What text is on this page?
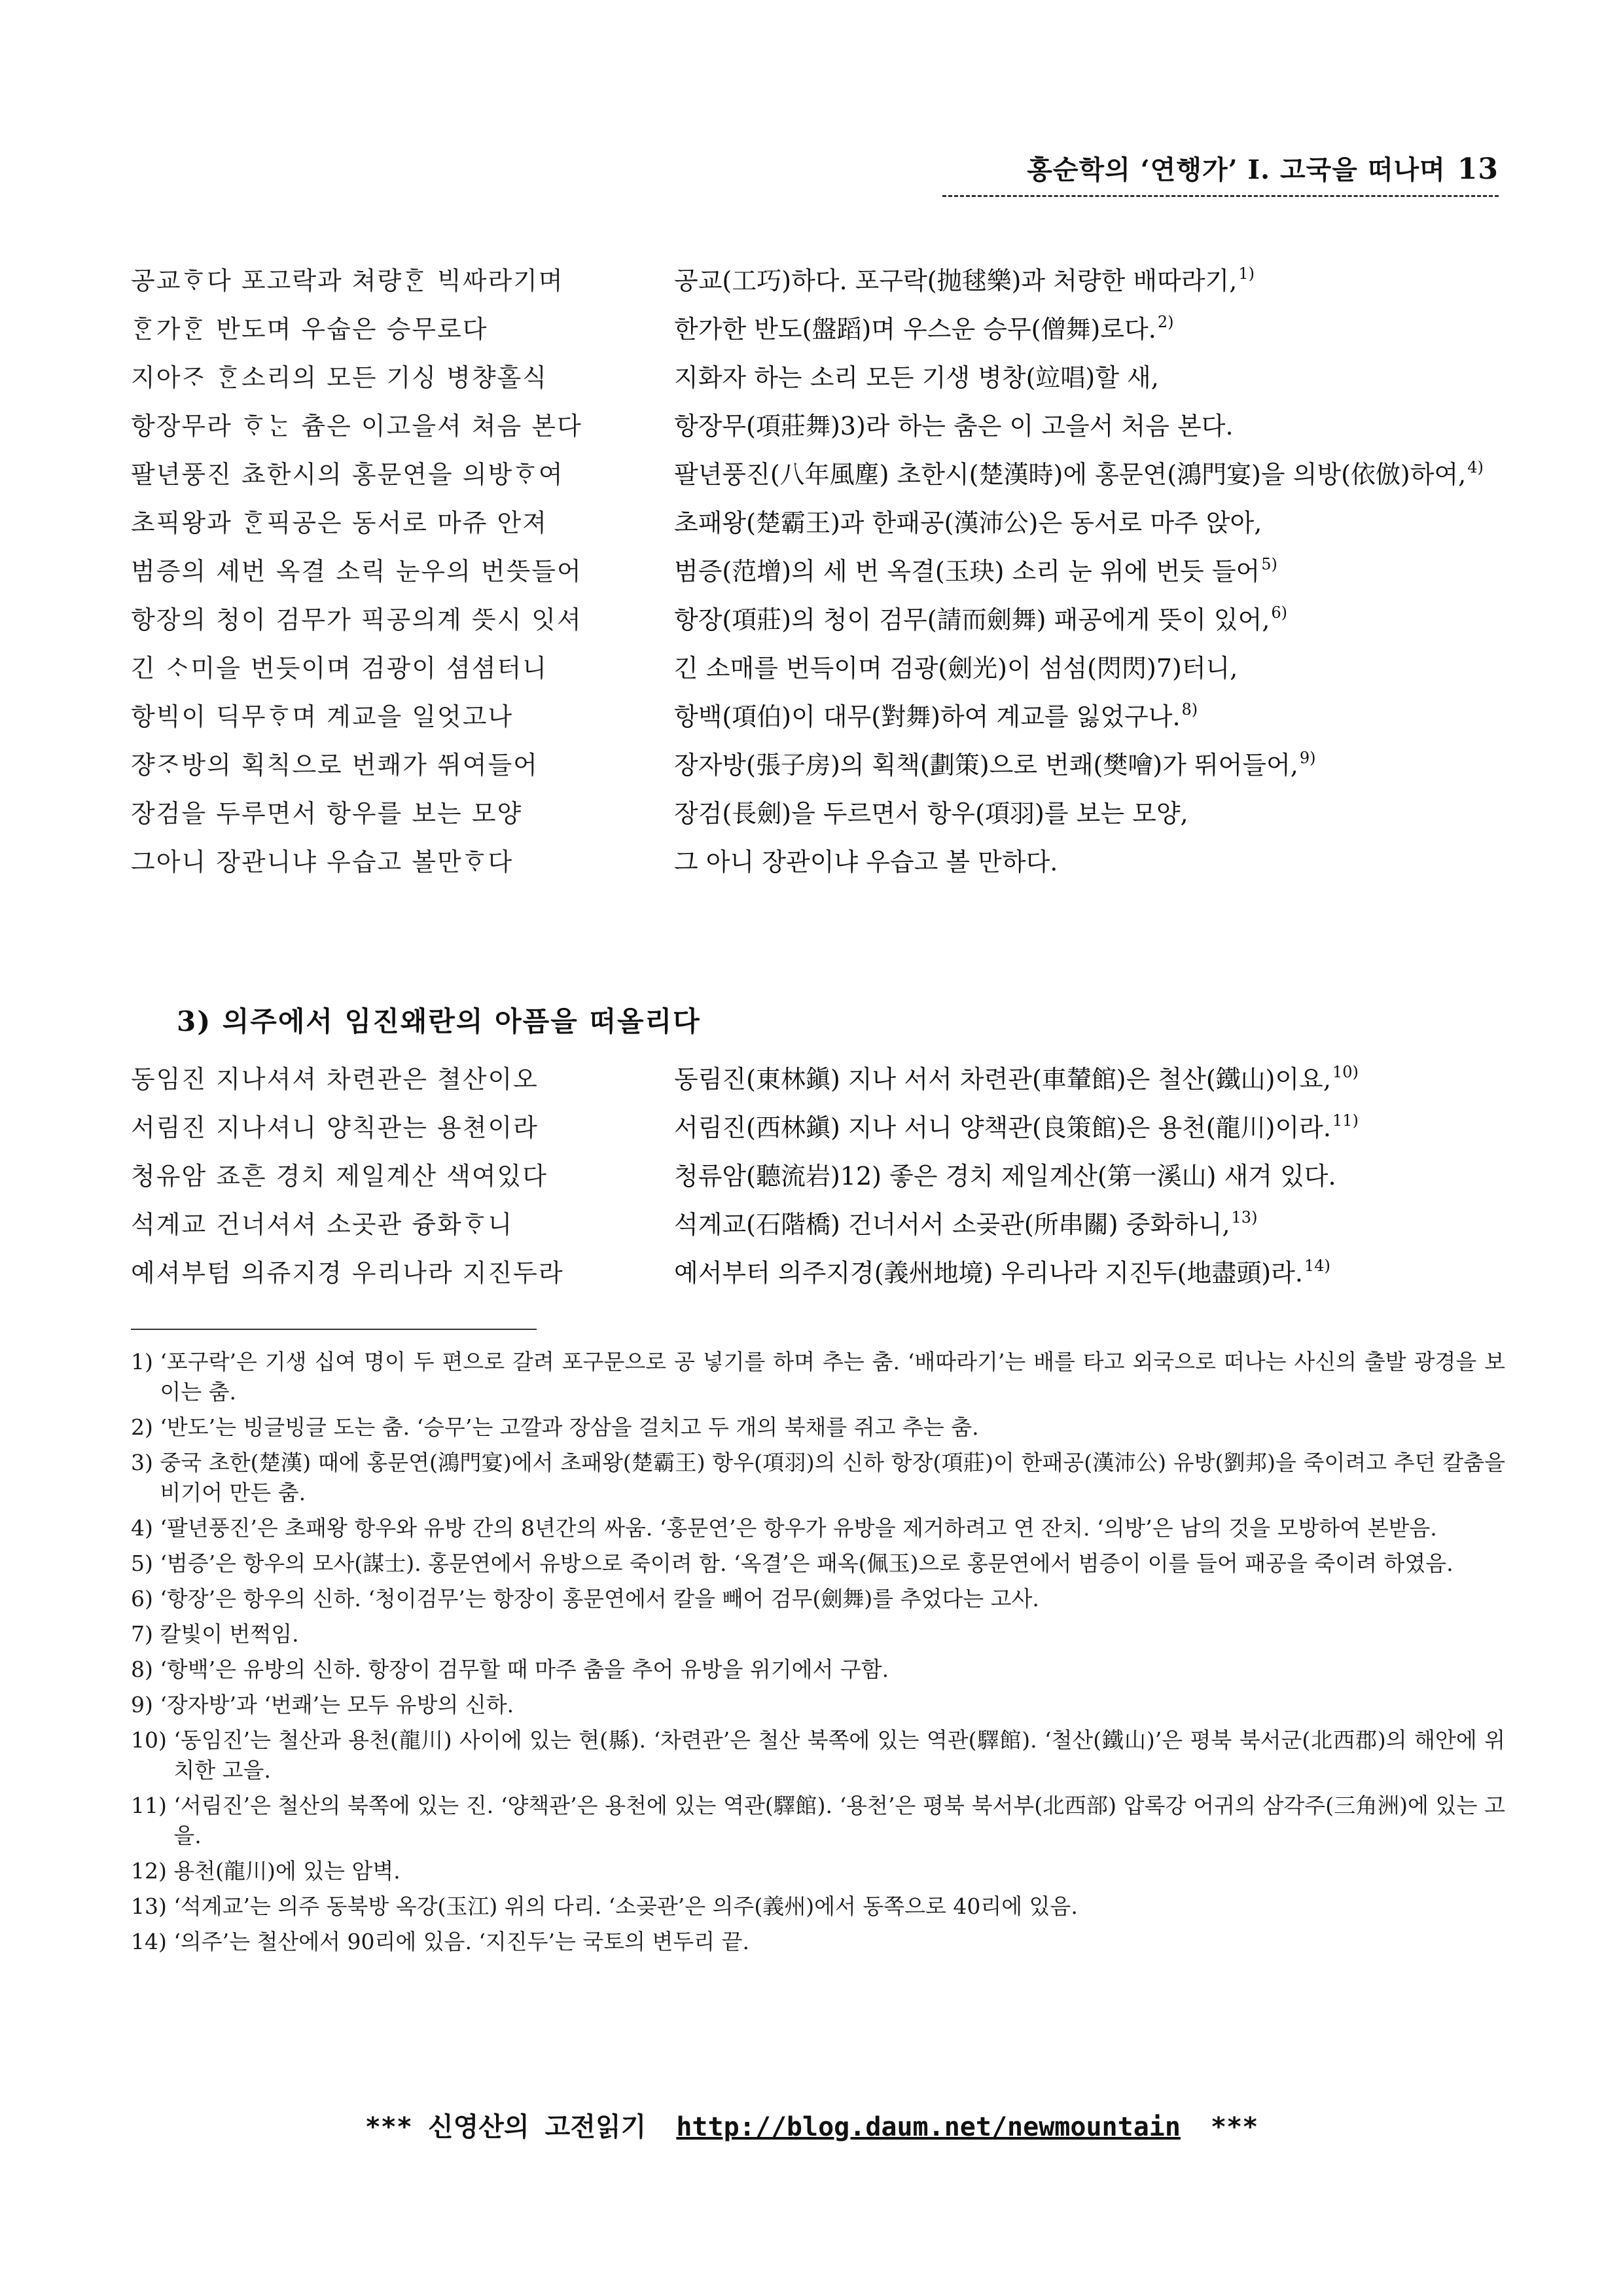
홍순학의 ‘연행가’ Ⅰ. 고국을 떠나며 13
공교ᄒᆞ다 포고락과 쳐량ᄒᆞᆫ 빅ᄯᅡ라기며	공교(工巧)하다. 포구락(抛毬樂)과 처량한 배따라기,$^{1)}$
ᄒᆞᆫ가ᄒᆞᆫ 반도며 우숩은 승무로다	한가한 반도(盤蹈)며 우스운 승무(僧舞)로다.$^{2)}$
지아ᄌᆞ ᄒᆞᆫ소리의 모든 기싱 병챵홀식	지화자 하는 소리 모든 기생 병창(竝唱)할 새,
항장무라 ᄒᆞᄂᆞᆫ 츔은 이고을셔 쳐음 본다	항장무(項莊舞)3)라 하는 춤은 이 고을서 처음 본다.
팔년풍진 쵸한시의 홍문연을 의방ᄒᆞ여	팔년풍진(八年風塵) 초한시(楚漢時)에 홍문연(鴻門宴)을 의방(依倣)하여,$^{4)}$
초픽왕과 ᄒᆞᆫ픽공은 동서로 마쥬 안져	초패왕(楚霸王)과 한패공(漢沛公)은 동서로 마주 앉아,
범증의 셰번 옥결 소릭 눈우의 번ᄯᅳᆺ들어	범증(范增)의 세 번 옥결(玉玦) 소리 눈 위에 번듯 들어$^{5)}$
항장의 청이 검무가 픽공의계 ᄯᅳᆺ시 잇셔	항장(項莊)의 청이 검무(請而劍舞) 패공에게 뜻이 있어,$^{6)}$
긴 ᄉᆞ미을 번듯이며 검광이 셤셤터니	긴 소매를 번득이며 검광(劍光)이 섬섬(閃閃)7)터니,
항빅이 딕무ᄒᆞ며 계교을 일엇고나	항백(項伯)이 대무(對舞)하여 계교를 잃었구나.$^{8)}$
쟝ᄌᆞ방의 획칙으로 번쾌가 ᄯᅱ여들어	장자방(張子房)의 획책(劃策)으로 번쾌(樊噲)가 뛰어들어,$^{9)}$
장검을 두루면서 항우를 보는 모양	장검(長劍)을 두르면서 항우(項羽)를 보는 모양,
그아니 장관니냐 우습고 볼만ᄒᆞ다	그 아니 장관이냐 우습고 볼 만하다.
3) 의주에서 임진왜란의 아픔을 떠올리다
동임진 지나셔셔 차련관은 쳘산이오	동림진(東林鎭) 지나 서서 차련관(車輦館)은 철산(鐵山)이요,$^{10)}$
서림진 지나셔니 양칙관는 용쳔이라	서림진(西林鎭) 지나 서니 양책관(良策館)은 용천(龍川)이라.$^{11)}$
청유암 죠흔 경치 제일계산 색여있다	청류암(聽流岩)12) 좋은 경치 제일계산(第一溪山) 새겨 있다.
석계교 건너셔셔 소곳관 즁화ᄒᆞ니	석계교(石階橋) 건너서서 소곶관(所串關) 중화하니,$^{13)}$
예셔부텀 의쥬지경 우리나라 지진두라	예서부터 의주지경(義州地境) 우리나라 지진두(地盡頭)라.$^{14)}$
1) ‘포구락’은 기생 십여 명이 두 편으로 갈려 포구문으로 공 넣기를 하며 추는 춤. ‘배따라기’는 배를 타고 외국으로 떠나는 사신의 출발 광경을 보이는 춤.
2) ‘반도’는 빙글빙글 도는 춤. ‘승무’는 고깔과 장삼을 걸치고 두 개의 북채를 쥐고 추는 춤.
3) 중국 초한(楚漢) 때에 홍문연(鴻門宴)에서 초패왕(楚霸王) 항우(項羽)의 신하 항장(項莊)이 한패공(漢沛公) 유방(劉邦)을 죽이려고 추던 칼춤을 비기어 만든 춤.
4) ‘팔년풍진’은 초패왕 항우와 유방 간의 8년간의 싸움. ‘홍문연’은 항우가 유방을 제거하려고 연 잔치. ‘의방’은 남의 것을 모방하여 본받음.
5) ‘범증’은 항우의 모사(謀士). 홍문연에서 유방으로 죽이려 함. ‘옥결’은 패옥(佩玉)으로 홍문연에서 범증이 이를 들어 패공을 죽이려 하였음.
6) ‘항장’은 항우의 신하. ‘청이검무’는 항장이 홍문연에서 칼을 빼어 검무(劍舞)를 추었다는 고사.
7) 칼빛이 번쩍임.
8) ‘항백’은 유방의 신하. 항장이 검무할 때 마주 춤을 추어 유방을 위기에서 구함.
9) ‘장자방’과 ‘번쾌’는 모두 유방의 신하.
10) ‘동임진’는 철산과 용천(龍川) 사이에 있는 현(縣). ‘차련관’은 철산 북쪽에 있는 역관(驛館). ‘철산(鐵山)’은 평북 북서군(北西郡)의 해안에 위치한 고을.
11) ‘서림진’은 철산의 북쪽에 있는 진. ‘양책관’은 용천에 있는 역관(驛館). ‘용천’은 평북 북서부(北西部) 압록강 어귀의 삼각주(三角洲)에 있는 고을.
12) 용천(龍川)에 있는 암벽.
13) ‘석계교’는 의주 동북방 옥강(玉江) 위의 다리. ‘소곶관’은 의주(義州)에서 동쪽으로 40리에 있음.
14) ‘의주’는 철산에서 90리에 있음. ‘지진두’는 국토의 변두리 끝.
*** 신영산의 고전읽기 http://blog.daum.net/newmountain ***
